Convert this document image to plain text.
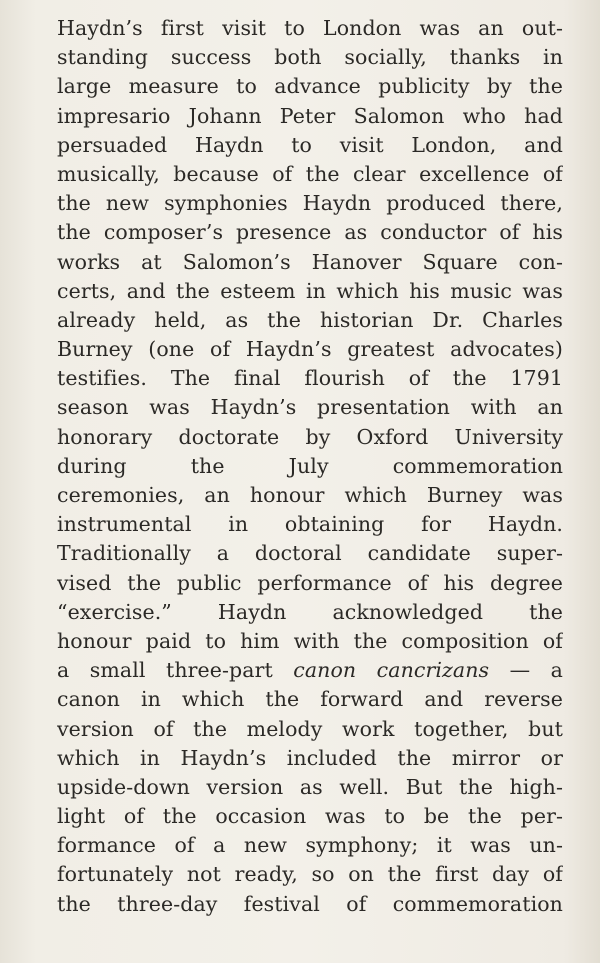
Haydn’s first visit to London was an out-
standing success both socially, thanks in
large measure to advance publicity by the
impresario Johann Peter Salomon who had
persuaded Haydn to visit London, and
musically, because of the clear excellence of
the new symphonies Haydn produced there,
the composer’s presence as conductor of his
works at Salomon’s Hanover Square con-
certs, and the esteem in which his music was
already held, as the historian Dr. Charles
Burney (one of Haydn’s greatest advocates)
testifies. The final flourish of the 1791
season was Haydn’s presentation with an
honorary doctorate by Oxford University
during the July commemoration
ceremonies, an honour which Burney was
instrumental in obtaining for Haydn.
Traditionally a doctoral candidate super-
vised the public performance of his degree
“exercise.” Haydn acknowledged the
honour paid to him with the composition of
a small three-part canon cancrizans — a
canon in which the forward and reverse
version of the melody work together, but
which in Haydn’s included the mirror or
upside-down version as well. But the high-
light of the occasion was to be the per-
formance of a new symphony; it was un-
fortunately not ready, so on the first day of
the three-day festival of commemoration
